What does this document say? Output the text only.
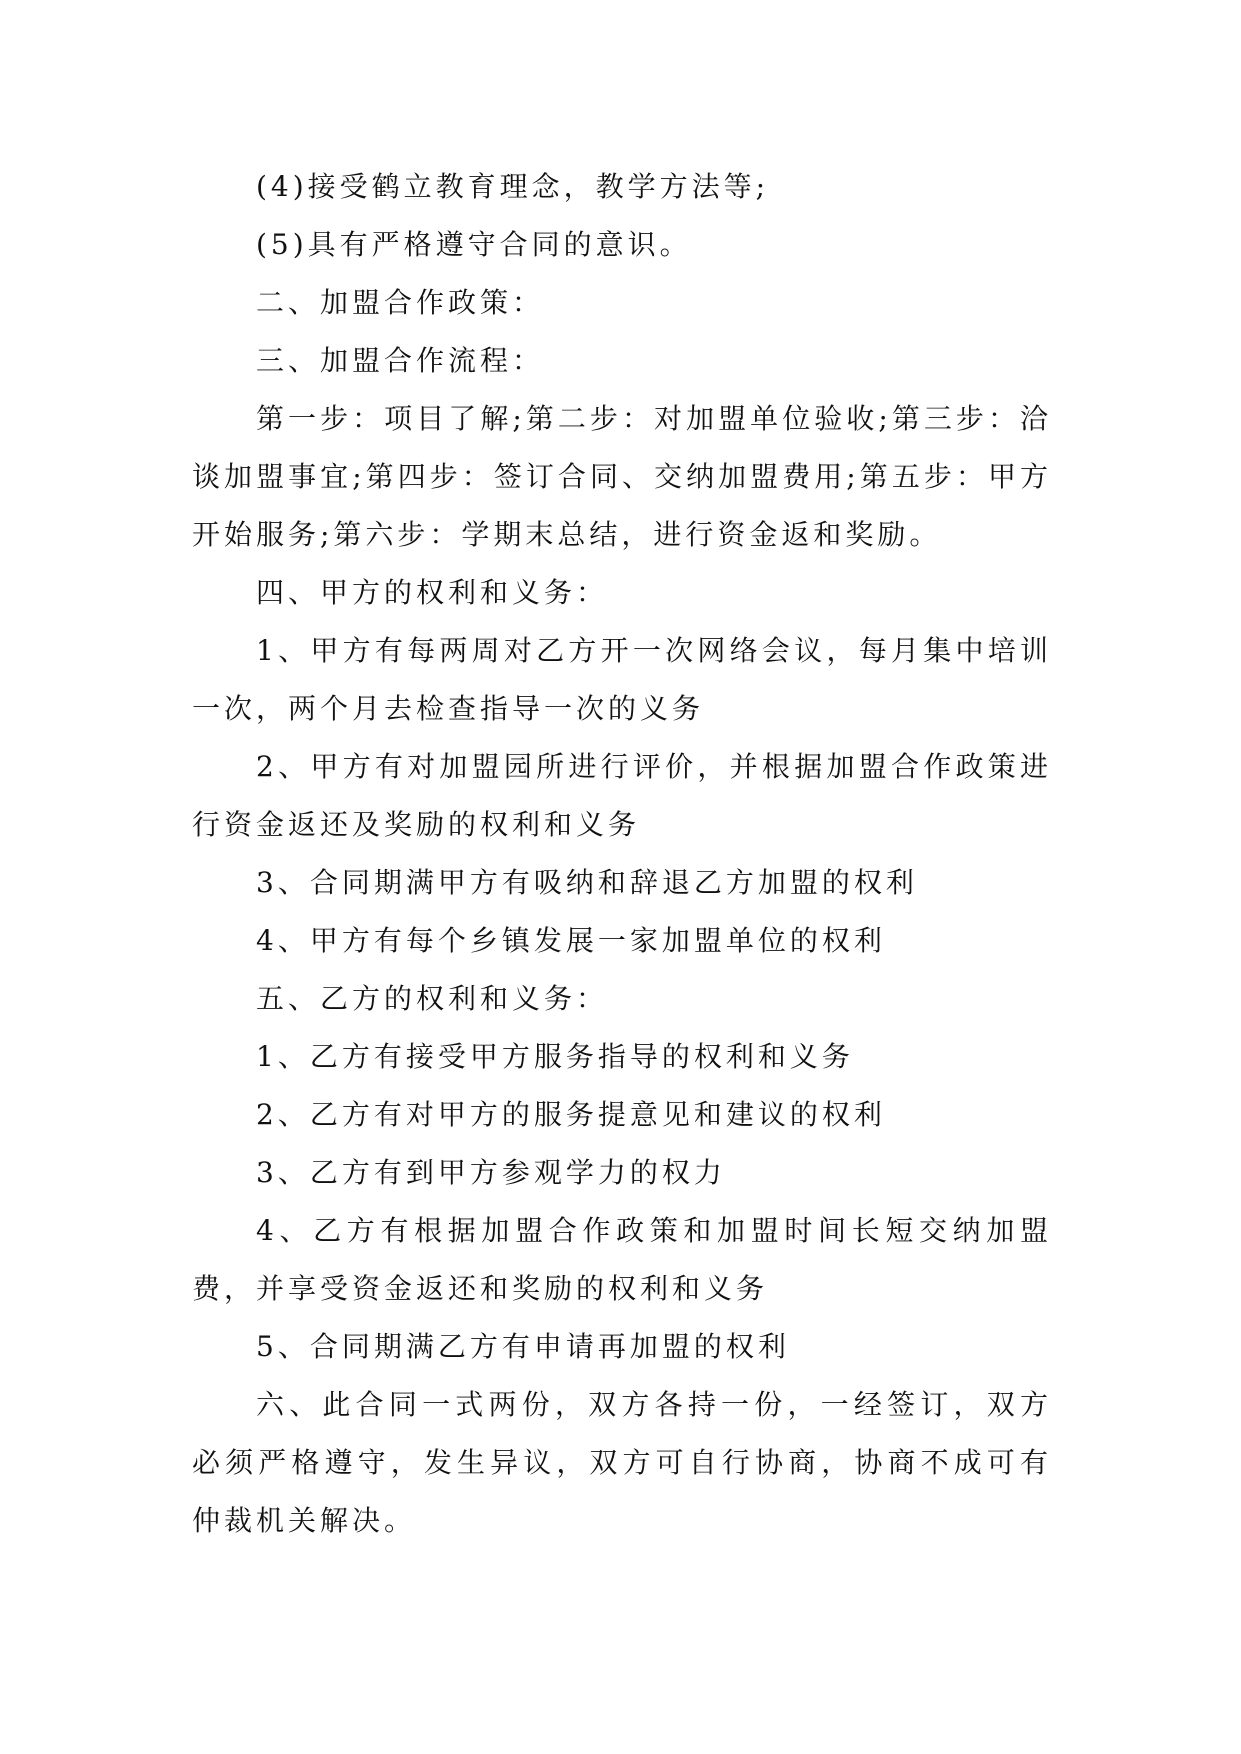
(4)接受鹤立教育理念，教学方法等;

(5)具有严格遵守合同的意识。

二、加盟合作政策：

三、加盟合作流程：

第一步：项目了解;第二步：对加盟单位验收;第三步：洽谈加盟事宜;第四步：签订合同、交纳加盟费用;第五步：甲方开始服务;第六步：学期末总结，进行资金返和奖励。

四、甲方的权利和义务：

1、甲方有每两周对乙方开一次网络会议，每月集中培训一次，两个月去检查指导一次的义务

2、甲方有对加盟园所进行评价，并根据加盟合作政策进行资金返还及奖励的权利和义务

3、合同期满甲方有吸纳和辞退乙方加盟的权利

4、甲方有每个乡镇发展一家加盟单位的权利

五、乙方的权利和义务：

1、乙方有接受甲方服务指导的权利和义务

2、乙方有对甲方的服务提意见和建议的权利

3、乙方有到甲方参观学力的权力

4、乙方有根据加盟合作政策和加盟时间长短交纳加盟费，并享受资金返还和奖励的权利和义务

5、合同期满乙方有申请再加盟的权利

六、此合同一式两份，双方各持一份，一经签订，双方必须严格遵守，发生异议，双方可自行协商，协商不成可有仲裁机关解决。
